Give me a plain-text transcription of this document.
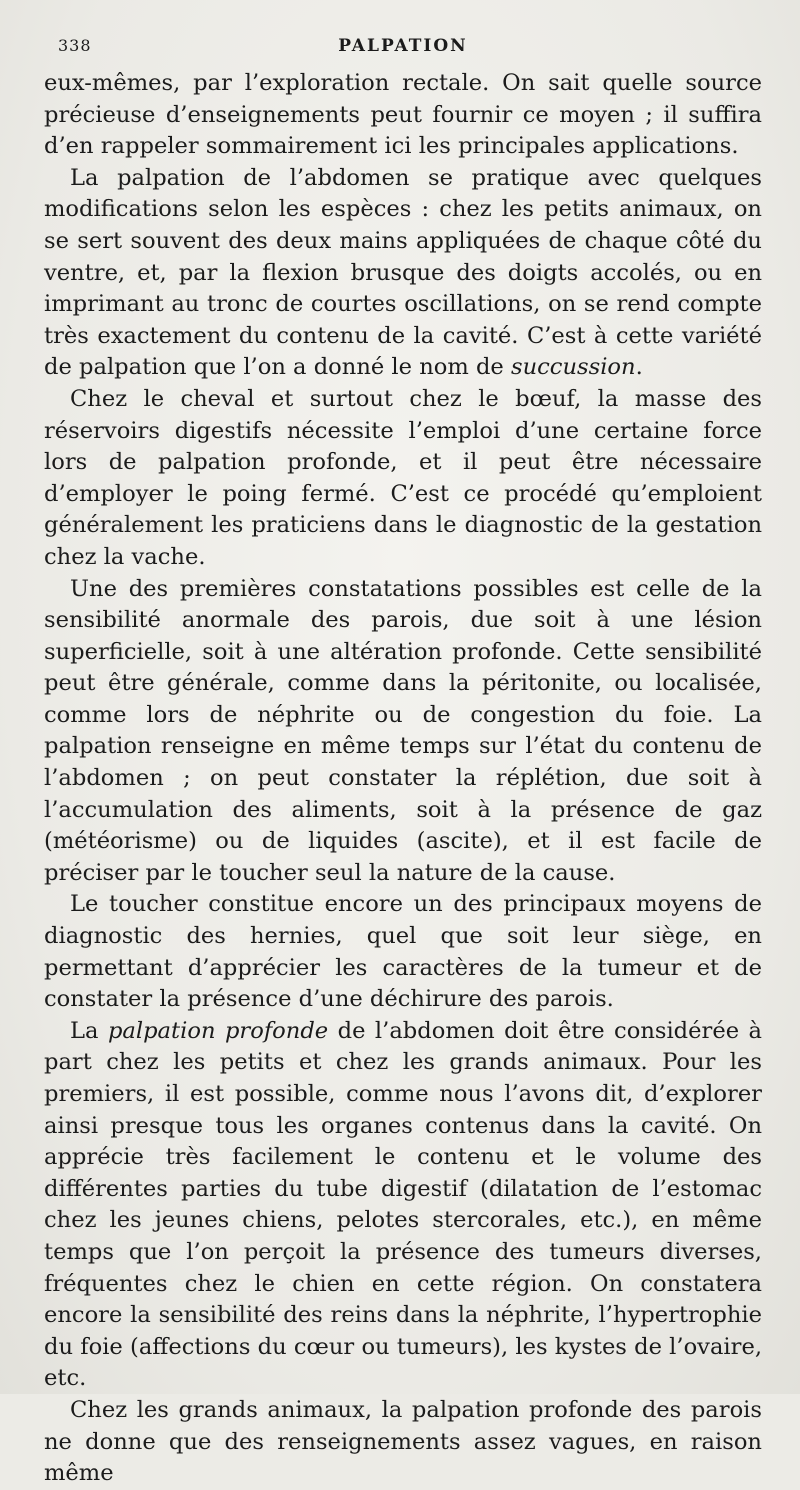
338	PALPATION

eux-mêmes, par l’exploration rectale. On sait quelle source précieuse d’enseignements peut fournir ce moyen ; il suffira d’en rappeler sommairement ici les principales applications.

La palpation de l’abdomen se pratique avec quelques modifications selon les espèces : chez les petits animaux, on se sert souvent des deux mains appliquées de chaque côté du ventre, et, par la flexion brusque des doigts accolés, ou en imprimant au tronc de courtes oscillations, on se rend compte très exactement du contenu de la cavité. C’est à cette variété de palpation que l’on a donné le nom de succussion.

Chez le cheval et surtout chez le bœuf, la masse des réservoirs digestifs nécessite l’emploi d’une certaine force lors de palpation profonde, et il peut être nécessaire d’employer le poing fermé. C’est ce procédé qu’emploient généralement les praticiens dans le diagnostic de la gestation chez la vache.

Une des premières constatations possibles est celle de la sensibilité anormale des parois, due soit à une lésion superficielle, soit à une altération profonde. Cette sensibilité peut être générale, comme dans la péritonite, ou localisée, comme lors de néphrite ou de congestion du foie. La palpation renseigne en même temps sur l’état du contenu de l’abdomen ; on peut constater la réplétion, due soit à l’accumulation des aliments, soit à la présence de gaz (météorisme) ou de liquides (ascite), et il est facile de préciser par le toucher seul la nature de la cause.

Le toucher constitue encore un des principaux moyens de diagnostic des hernies, quel que soit leur siège, en permettant d’apprécier les caractères de la tumeur et de constater la présence d’une déchirure des parois.

La palpation profonde de l’abdomen doit être considérée à part chez les petits et chez les grands animaux. Pour les premiers, il est possible, comme nous l’avons dit, d’explorer ainsi presque tous les organes contenus dans la cavité. On apprécie très facilement le contenu et le volume des différentes parties du tube digestif (dilatation de l’estomac chez les jeunes chiens, pelotes stercorales, etc.), en même temps que l’on perçoit la présence des tumeurs diverses, fréquentes chez le chien en cette région. On constatera encore la sensibilité des reins dans la néphrite, l’hypertrophie du foie (affections du cœur ou tumeurs), les kystes de l’ovaire, etc.

Chez les grands animaux, la palpation profonde des parois ne donne que des renseignements assez vagues, en raison même
